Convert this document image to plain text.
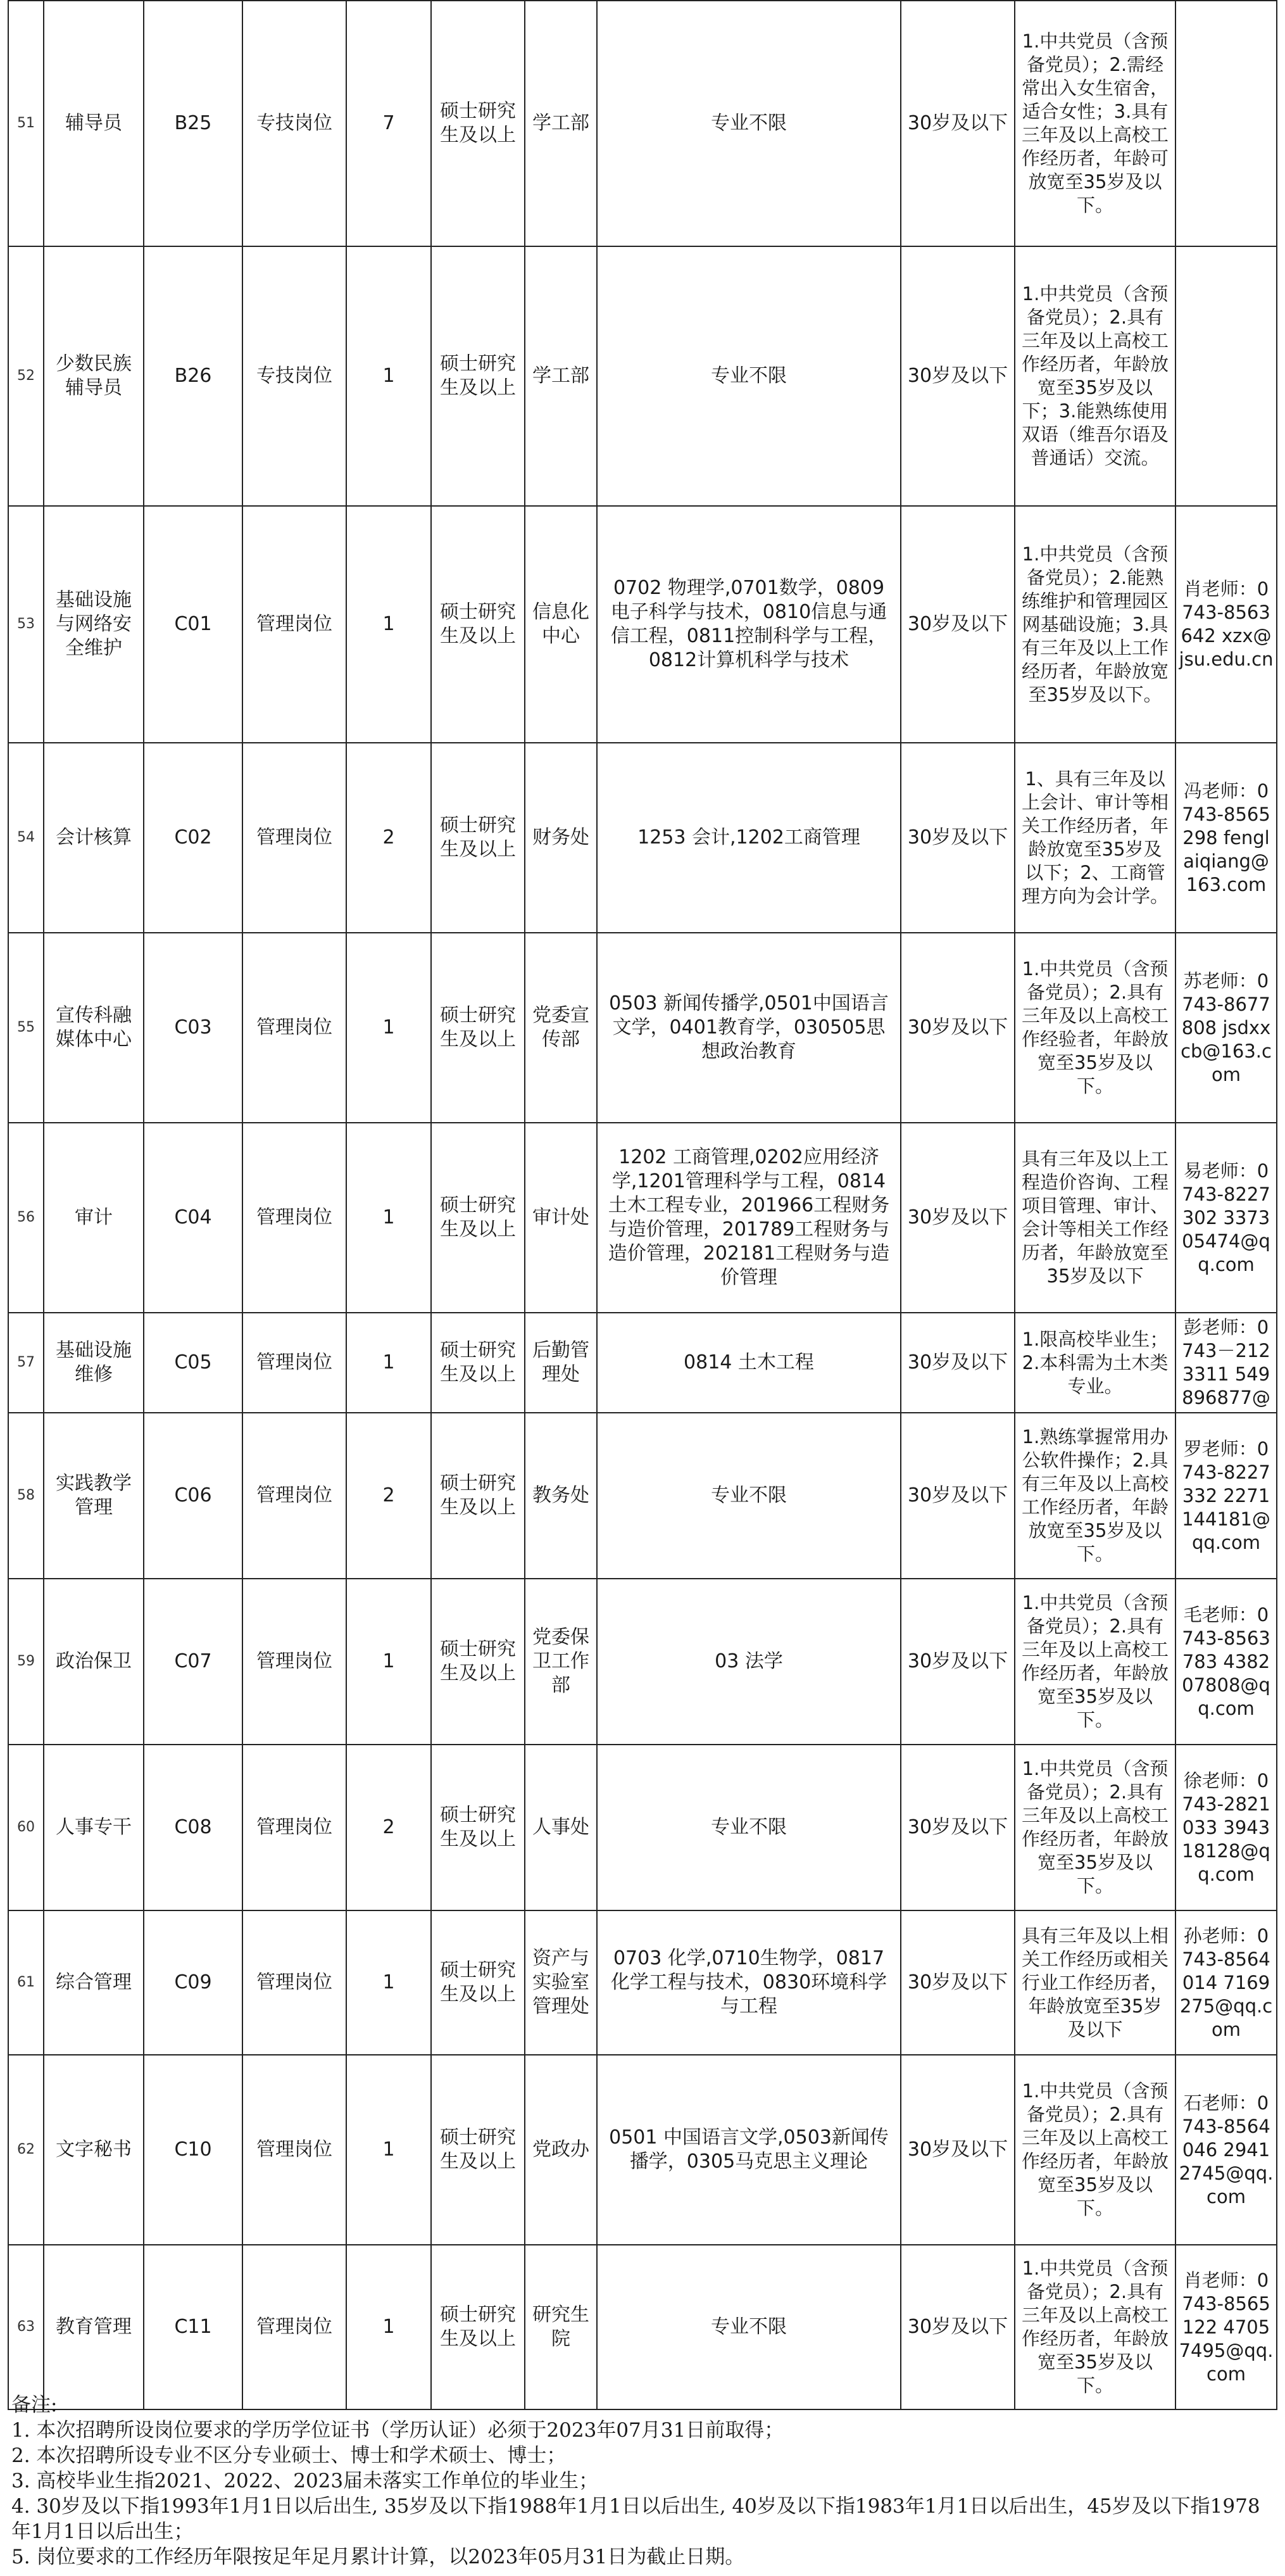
51	辅导员	B25	专技岗位	7	硕士研究生及以上	学工部	专业不限	30岁及以下	1.中共党员（含预备党员）；2.需经常出入女生宿舍，适合女性；3.具有三年及以上高校工作经历者，年龄可放宽至35岁及以下。	
52	少数民族辅导员	B26	专技岗位	1	硕士研究生及以上	学工部	专业不限	30岁及以下	1.中共党员（含预备党员）；2.具有三年及以上高校工作经历者，年龄放宽至35岁及以下；3.能熟练使用双语（维吾尔语及普通话）交流。	
53	基础设施与网络安全维护	C01	管理岗位	1	硕士研究生及以上	信息化中心	0702 物理学,0701数学，0809电子科学与技术，0810信息与通信工程，0811控制科学与工程，0812计算机科学与技术	30岁及以下	1.中共党员（含预备党员）；2.能熟练维护和管理园区网基础设施；3.具有三年及以上工作经历者，年龄放宽至35岁及以下。	肖老师：0743-8563642 xzx@jsu.edu.cn
54	会计核算	C02	管理岗位	2	硕士研究生及以上	财务处	1253 会计,1202工商管理	30岁及以下	1、具有三年及以上会计、审计等相关工作经历者，年龄放宽至35岁及以下；2、工商管理方向为会计学。	冯老师：0743-8565298 fenglaiqiang@163.com
55	宣传科融媒体中心	C03	管理岗位	1	硕士研究生及以上	党委宣传部	0503 新闻传播学,0501中国语言文学，0401教育学，030505思想政治教育	30岁及以下	1.中共党员（含预备党员）；2.具有三年及以上高校工作经验者，年龄放宽至35岁及以下。	苏老师：0743-8677808 jsdxxcb@163.com
56	审计	C04	管理岗位	1	硕士研究生及以上	审计处	1202 工商管理,0202应用经济学,1201管理科学与工程，0814土木工程专业，201966工程财务与造价管理，201789工程财务与造价管理，202181工程财务与造价管理	30岁及以下	具有三年及以上工程造价咨询、工程项目管理、审计、会计等相关工作经历者，年龄放宽至35岁及以下	易老师：0743-8227302 337305474@qq.com
57	基础设施维修	C05	管理岗位	1	硕士研究生及以上	后勤管理处	0814 土木工程	30岁及以下	1.限高校毕业生；2.本科需为土木类专业。	彭老师：0743－2123311 549896877@
58	实践教学管理	C06	管理岗位	2	硕士研究生及以上	教务处	专业不限	30岁及以下	1.熟练掌握常用办公软件操作；2.具有三年及以上高校工作经历者，年龄放宽至35岁及以下。	罗老师：0743-8227332 2271144181@qq.com
59	政治保卫	C07	管理岗位	1	硕士研究生及以上	党委保卫工作部	03 法学	30岁及以下	1.中共党员（含预备党员）；2.具有三年及以上高校工作经历者，年龄放宽至35岁及以下。	毛老师：0743-8563783 438207808@qq.com
60	人事专干	C08	管理岗位	2	硕士研究生及以上	人事处	专业不限	30岁及以下	1.中共党员（含预备党员）；2.具有三年及以上高校工作经历者，年龄放宽至35岁及以下。	徐老师：0743-2821033 394318128@qq.com
61	综合管理	C09	管理岗位	1	硕士研究生及以上	资产与实验室管理处	0703 化学,0710生物学，0817化学工程与技术，0830环境科学与工程	30岁及以下	具有三年及以上相关工作经历或相关行业工作经历者，年龄放宽至35岁及以下	孙老师：0743-8564014 7169275@qq.com
62	文字秘书	C10	管理岗位	1	硕士研究生及以上	党政办	0501 中国语言文学,0503新闻传播学，0305马克思主义理论	30岁及以下	1.中共党员（含预备党员）；2.具有三年及以上高校工作经历者，年龄放宽至35岁及以下。	石老师：0743-8564046 29412745@qq.com
63	教育管理	C11	管理岗位	1	硕士研究生及以上	研究生院	专业不限	30岁及以下	1.中共党员（含预备党员）；2.具有三年及以上高校工作经历者，年龄放宽至35岁及以下。	肖老师：0743-8565122 47057495@qq.com
备注:
1. 本次招聘所设岗位要求的学历学位证书（学历认证）必须于2023年07月31日前取得；
2. 本次招聘所设专业不区分专业硕士、博士和学术硕士、博士；
3. 高校毕业生指2021、2022、2023届未落实工作单位的毕业生；
4. 30岁及以下指1993年1月1日以后出生, 35岁及以下指1988年1月1日以后出生, 40岁及以下指1983年1月1日以后出生，45岁及以下指1978年1月1日以后出生；
5. 岗位要求的工作经历年限按足年足月累计计算，以2023年05月31日为截止日期。
